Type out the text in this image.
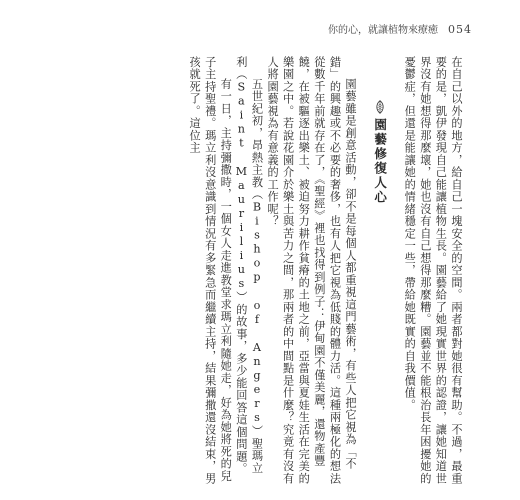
你的心，就讓植物來療癒 054

在自己以外的地方，給自己一塊安全的空間。兩者都對她很有幫助。不過，最重要的是，凱伊發現自己能讓植物生長。園藝給了她現實世界的認證，讓她知道世界沒有她想得那麼壞，她也沒有自己想得那麼糟。園藝並不能根治長年困擾她的憂鬱症，但還是能讓她的情緒穩定一些，帶給她既實的自我價值。

園藝修復人心

園藝雖是創意活動，卻不是每個人都重視這門藝術，有些人把它視為「不錯」的興趣或不必要的奢侈，也有人把它視為低賤的體力活。這種兩極化的想法從數千年前就存在了，《聖經》裡也找得到例子：伊甸園不僅美麗，還物產豐饒，在被驅逐出樂土、被迫努力耕作貧瘠的土地之前，亞當與夏娃生活在完美的樂園之中。若說花園介於樂土與苦力之間，那兩者的中間點是什麼？究竟有沒有人將園藝視為有意義的工作呢？

五世紀初，昂熱主教（Bishop of Angers）聖瑪立利（Saint Maurilius）的故事，多少能回答這個問題。

有一日，主持彌撒時，一個女人走進教堂求瑪立利隨她走，好為她將死的兒子主持聖禮。瑪立利沒意識到情況有多緊急而繼續主持，結果彌撒還沒結束，男孩就死了。這位主
